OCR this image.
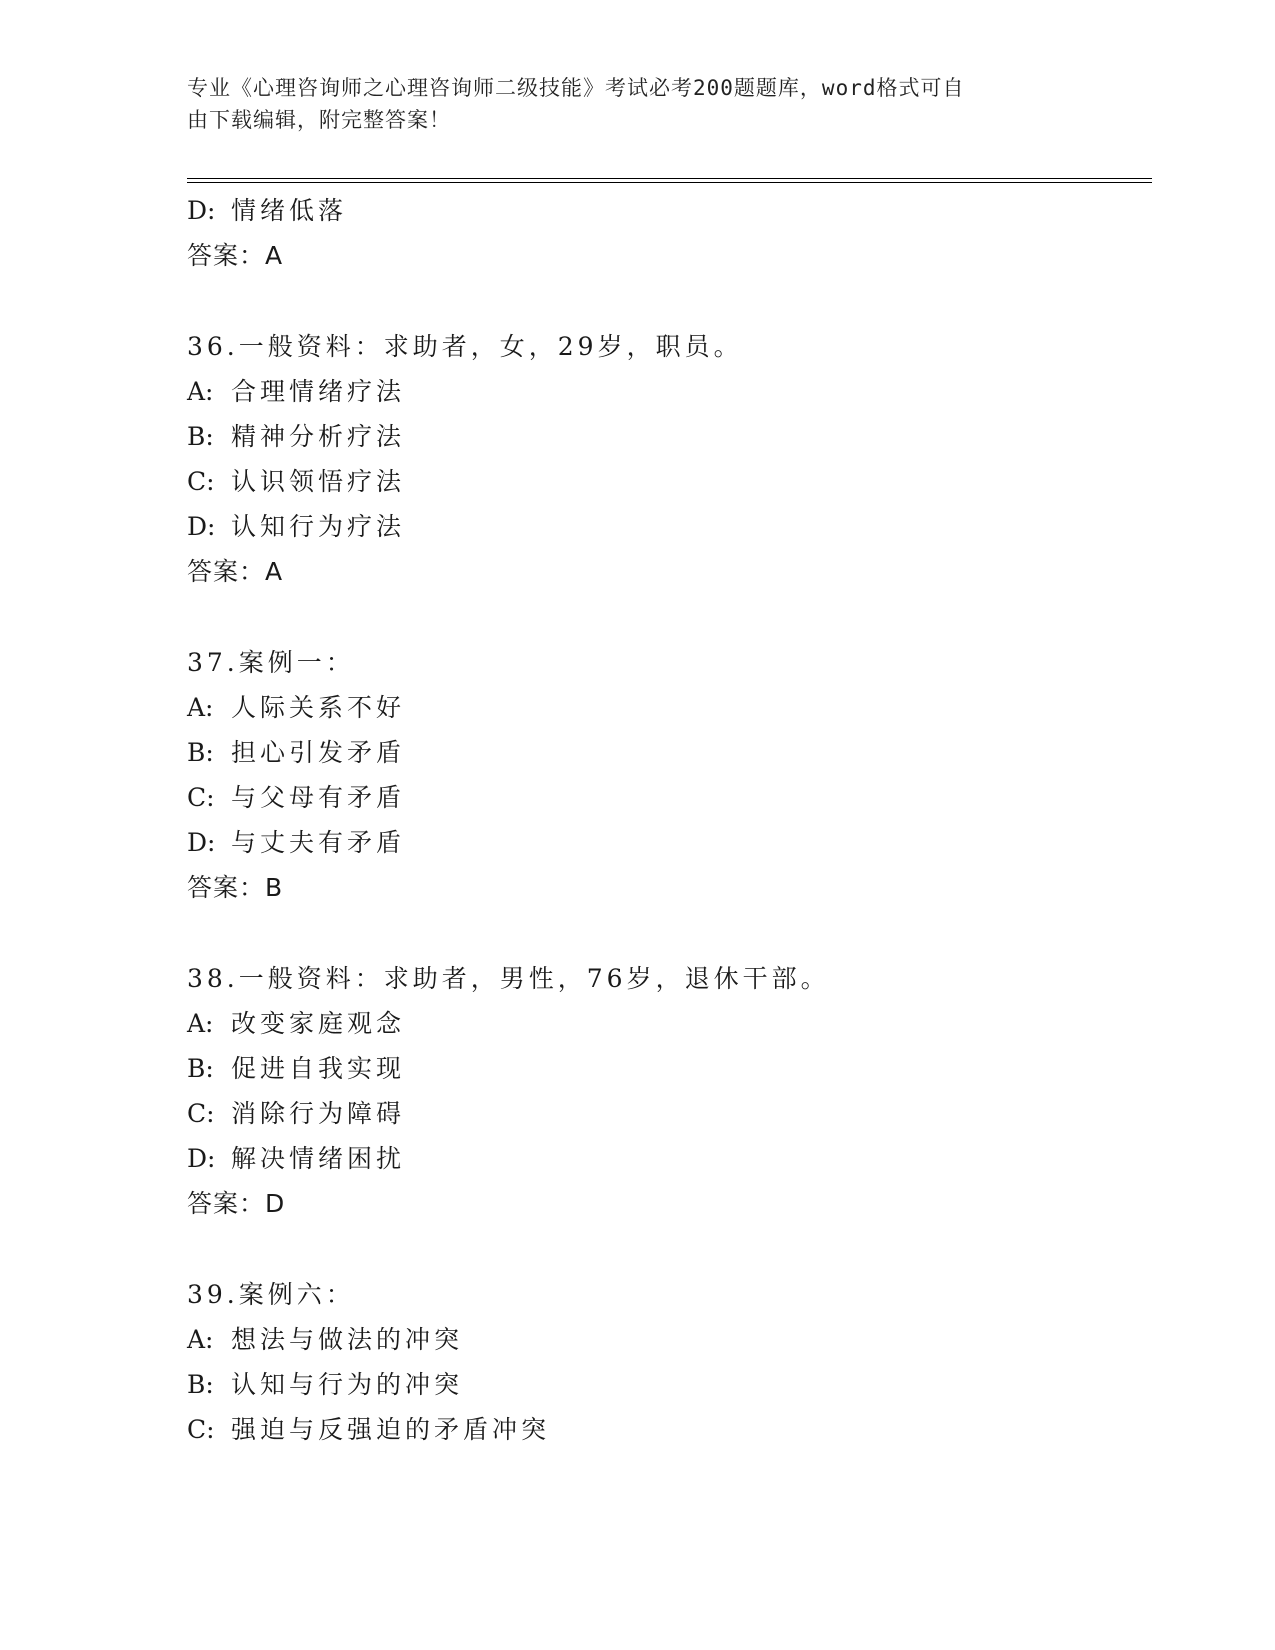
专业《心理咨询师之心理咨询师二级技能》考试必考200题题库，word格式可自
由下载编辑，附完整答案！
D: 情绪低落
答案：A
36.一般资料：求助者，女，29岁，职员。
A: 合理情绪疗法
B: 精神分析疗法
C: 认识领悟疗法
D: 认知行为疗法
答案：A
37.案例一：
A: 人际关系不好
B: 担心引发矛盾
C: 与父母有矛盾
D: 与丈夫有矛盾
答案：B
38.一般资料：求助者，男性，76岁，退休干部。
A: 改变家庭观念
B: 促进自我实现
C: 消除行为障碍
D: 解决情绪困扰
答案：D
39.案例六：
A: 想法与做法的冲突
B: 认知与行为的冲突
C: 强迫与反强迫的矛盾冲突
